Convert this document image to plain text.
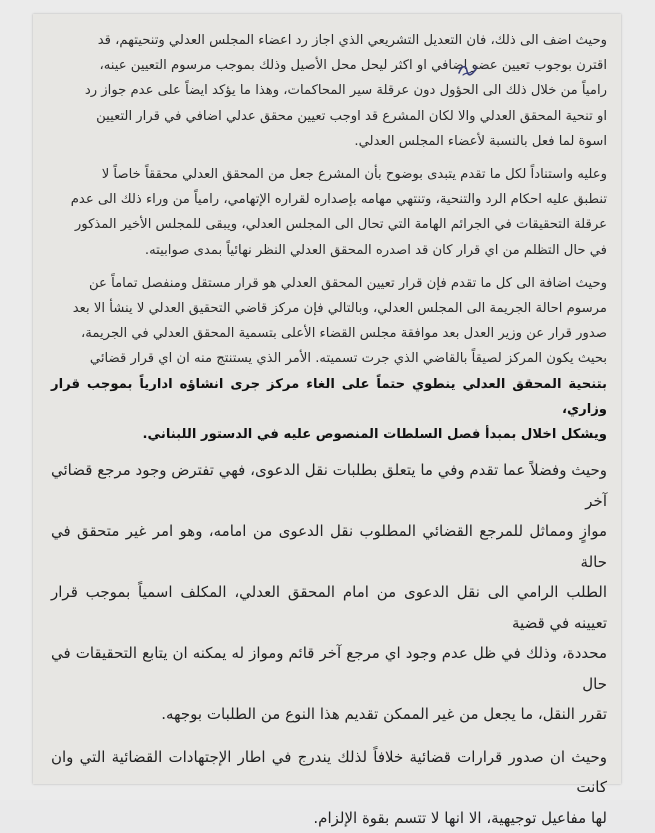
وحيث اضف الى ذلك، فان التعديل التشريعي الذي اجاز رد اعضاء المجلس العدلي وتنحيتهم، قد
اقترن بوجوب تعيين عضو اضافي او اكثر ليحل محل الأصيل وذلك بموجب مرسوم التعيين عينه،
رامياً من خلال ذلك الى الحؤول دون عرقلة سير المحاكمات، وهذا ما يؤكد ايضاً على عدم جواز رد
او تنحية المحقق العدلي والا لكان المشرع قد اوجب تعيين محقق عدلي اضافي في قرار التعيين
اسوة لما فعل بالنسبة لأعضاء المجلس العدلي.

وعليه واستناداً لكل ما تقدم يتبدى بوضوح بأن المشرع جعل من المحقق العدلي محققاً خاصاً لا
تنطبق عليه احكام الرد والتنحية، وتنتهي مهامه بإصداره لقراره الإتهامي، رامياً من وراء ذلك الى عدم
عرقلة التحقيقات في الجرائم الهامة التي تحال الى المجلس العدلي، ويبقى للمجلس الأخير المذكور
في حال التظلم من اي قرار كان قد اصدره المحقق العدلي النظر نهائياً بمدى صوابيته.

وحيث اضافة الى كل ما تقدم فإن قرار تعيين المحقق العدلي هو قرار مستقل ومنفصل تماماً عن
مرسوم احالة الجريمة الى المجلس العدلي، وبالتالي فإن مركز قاضي التحقيق العدلي لا ينشأ الا بعد
صدور قرار عن وزير العدل بعد موافقة مجلس القضاء الأعلى بتسمية المحقق العدلي في الجريمة،
بحيث يكون المركز لصيقاً بالقاضي الذي جرت تسميته. الأمر الذي يستنتج منه ان اي قرار قضائي
بتنحية المحقق العدلي ينطوي حتماً على الغاء مركز جرى انشاؤه ادارياً بموجب قرار وزاري،
ويشكل اخلال بمبدأ فصل السلطات المنصوص عليه في الدستور اللبناني.

وحيث وفضلاً عما تقدم وفي ما يتعلق بطلبات نقل الدعوى، فهي تفترض وجود مرجع قضائي آخر
موازٍ ومماثل للمرجع القضائي المطلوب نقل الدعوى من امامه، وهو امر غير متحقق في حالة
الطلب الرامي الى نقل الدعوى من امام المحقق العدلي، المكلف اسمياً بموجب قرار تعيينه في قضية
محددة، وذلك في ظل عدم وجود اي مرجع آخر قائم ومواز له يمكنه ان يتابع التحقيقات في حال
تقرر النقل، ما يجعل من غير الممكن تقديم هذا النوع من الطلبات بوجهه.

وحيث ان صدور قرارات قضائية خلافاً لذلك يندرج في اطار الإجتهادات القضائية التي وان كانت
لها مفاعيل توجيهية، الا انها لا تتسم بقوة الإلزام.
